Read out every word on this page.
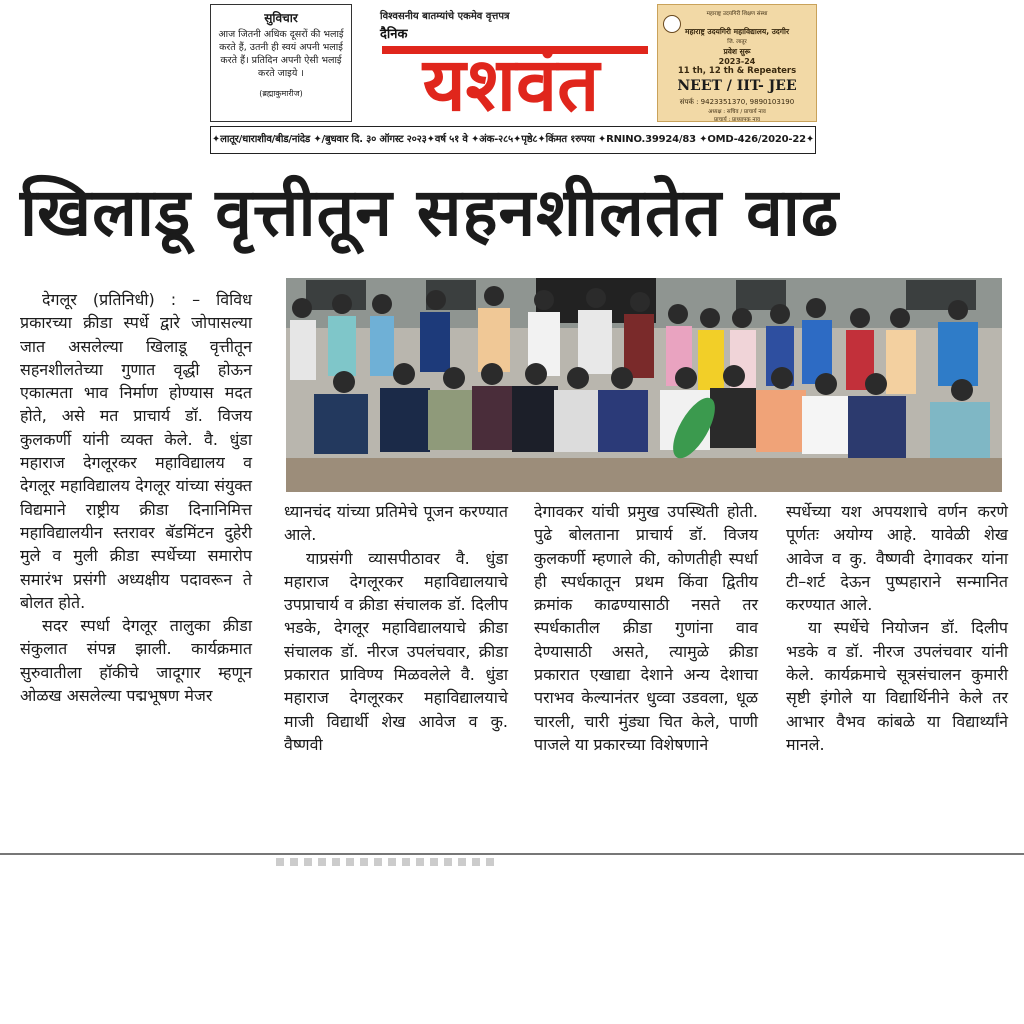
सुविचार
आज जितनी अधिक दूसरों की भलाई करते हैं, उतनी ही स्वयं अपनी भलाई करते हैं। प्रतिदिन अपनी ऐसी भलाई करते जाइये ।
(ब्रह्माकुमारीज)
विश्वसनीय बातम्यांचे एकमेव वृत्तपत्र
दैनिक
यशवंत
महाराष्ट्र उदयगिरी शिक्षण संस्था
महाराष्ट्र उदयगिरी महाविद्यालय, उदगीर
जि. लातूर
प्रवेश सुरू
2023-24
11 th, 12 th & Repeaters
NEET / IIT- JEE
संपर्क : 9423351370, 9890103190
अध्यक्ष : सचिव / प्राचार्य नाव
प्राचार्य : प्राध्यापक नाव
✦लातूर/धाराशीव/बीड/नांदेड ✦/बुधवार दि. ३० ऑगस्ट २०२३✦वर्ष ५१ वे ✦अंक-२८५✦पृष्ठे८✦किंमत १रुपया ✦RNINO.39924/83 ✦OMD-426/2020-22✦
खिलाडू वृत्तीतून सहनशीलतेत वाढ

देगलूर (प्रतिनिधी) : – विविध प्रकारच्या क्रीडा स्पर्धे द्वारे जोपासल्या जात असलेल्या खिलाडू वृत्तीतून सहनशीलतेच्या गुणात वृद्धी होऊन एकात्मता भाव निर्माण होण्यास मदत होते, असे मत प्राचार्य डॉ. विजय कुलकर्णी यांनी व्यक्त केले. वै. धुंडा महाराज देगलूरकर महाविद्यालय व देगलूर महाविद्यालय देगलूर यांच्या संयुक्त विद्यमाने राष्ट्रीय क्रीडा दिनानिमित्त महाविद्यालयीन स्तरावर बॅडमिंटन दुहेरी मुले व मुली क्रीडा स्पर्धेच्या समारोप समारंभ प्रसंगी अध्यक्षीय पदावरून ते बोलत होते.

सदर स्पर्धा देगलूर तालुका क्रीडा संकुलात संपन्न झाली. कार्यक्रमात सुरुवातीला हॉकीचे जादूगार म्हणून ओळख असलेल्या पद्मभूषण मेजर

ध्यानचंद यांच्या प्रतिमेचे पूजन करण्यात आले.

याप्रसंगी व्यासपीठावर वै. धुंडा महाराज देगलूरकर महाविद्यालयाचे उपप्राचार्य व क्रीडा संचालक डॉ. दिलीप भडके, देगलूर महाविद्यालयाचे क्रीडा संचालक डॉ. नीरज उपलंचवार, क्रीडा प्रकारात प्राविण्य मिळवलेले वै. धुंडा महाराज देगलूरकर महाविद्यालयाचे माजी विद्यार्थी शेख आवेज व कु. वैष्णवी

देगावकर यांची प्रमुख उपस्थिती होती. पुढे बोलताना प्राचार्य डॉ. विजय कुलकर्णी म्हणाले की, कोणतीही स्पर्धा ही स्पर्धकातून प्रथम किंवा द्वितीय क्रमांक काढण्यासाठी नसते तर स्पर्धकातील क्रीडा गुणांना वाव देण्यासाठी असते, त्यामुळे क्रीडा प्रकारात एखाद्या देशाने अन्य देशाचा पराभव केल्यानंतर धुव्वा उडवला, धूळ चारली, चारी मुंड्या चित केले, पाणी पाजले या प्रकारच्या विशेषणाने

स्पर्धेच्या यश अपयशाचे वर्णन करणे पूर्णतः अयोग्य आहे. यावेळी शेख आवेज व कु. वैष्णवी देगावकर यांना टी–शर्ट देऊन पुष्पहाराने सन्मानित करण्यात आले.

या स्पर्धेचे नियोजन डॉ. दिलीप भडके व डॉ. नीरज उपलंचवार यांनी केले. कार्यक्रमाचे सूत्रसंचालन कुमारी सृष्टी इंगोले या विद्यार्थिनीने केले तर आभार वैभव कांबळे या विद्यार्थ्यांने मानले.
